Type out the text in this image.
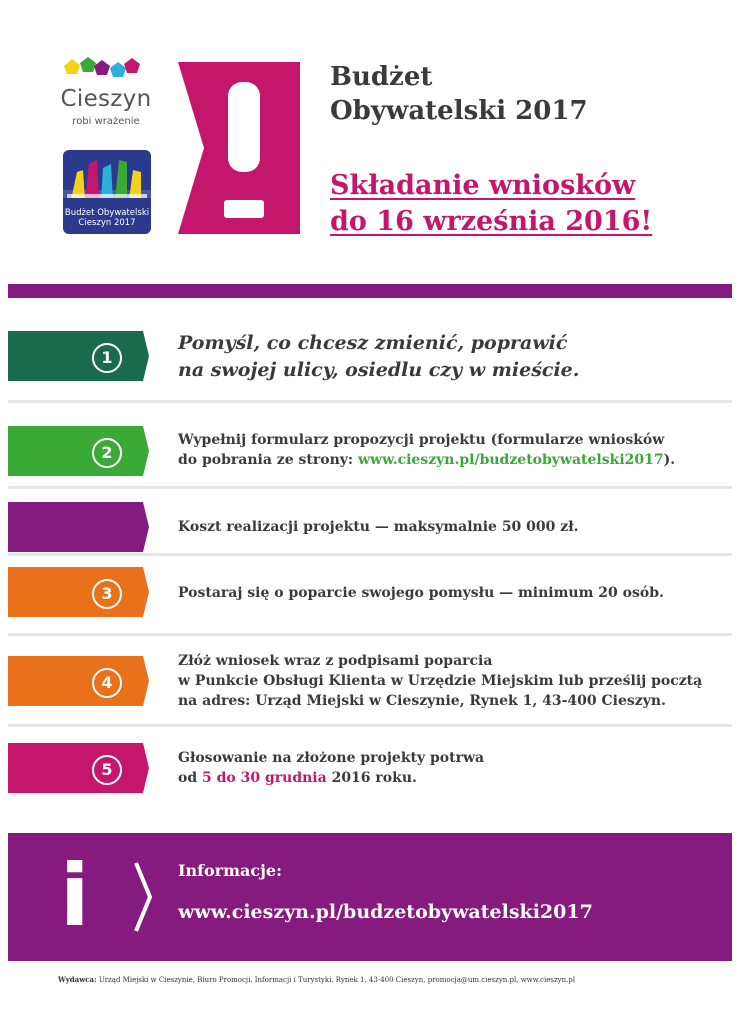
Cieszyn
robi wrażenie
Budżet Obywatelski
Cieszyn 2017
Budżet
Obywatelski 2017
Składanie wniosków
do 16 września 2016!
1
Pomyśl, co chcesz zmienić, poprawić
na swojej ulicy, osiedlu czy w mieście.
2
Wypełnij formularz propozycji projektu (formularze wniosków
do pobrania ze strony: www.cieszyn.pl/budzetobywatelski2017).
Koszt realizacji projektu — maksymalnie 50 000 zł.
3	Postaraj się o poparcie swojego pomysłu — minimum 20 osób.
4
Złóż wniosek wraz z podpisami poparcia
w Punkcie Obsługi Klienta w Urzędzie Miejskim lub prześlij pocztą
na adres: Urząd Miejski w Cieszynie, Rynek 1, 43-400 Cieszyn.
5
Głosowanie na złożone projekty potrwa
od 5 do 30 grudnia 2016 roku.
i	Informacje:
www.cieszyn.pl/budzetobywatelski2017
Wydawca: Urząd Miejski w Cieszynie, Biuro Promocji, Informacji i Turystyki, Rynek 1, 43-400 Cieszyn, promocja@um.cieszyn.pl, www.cieszyn.pl
